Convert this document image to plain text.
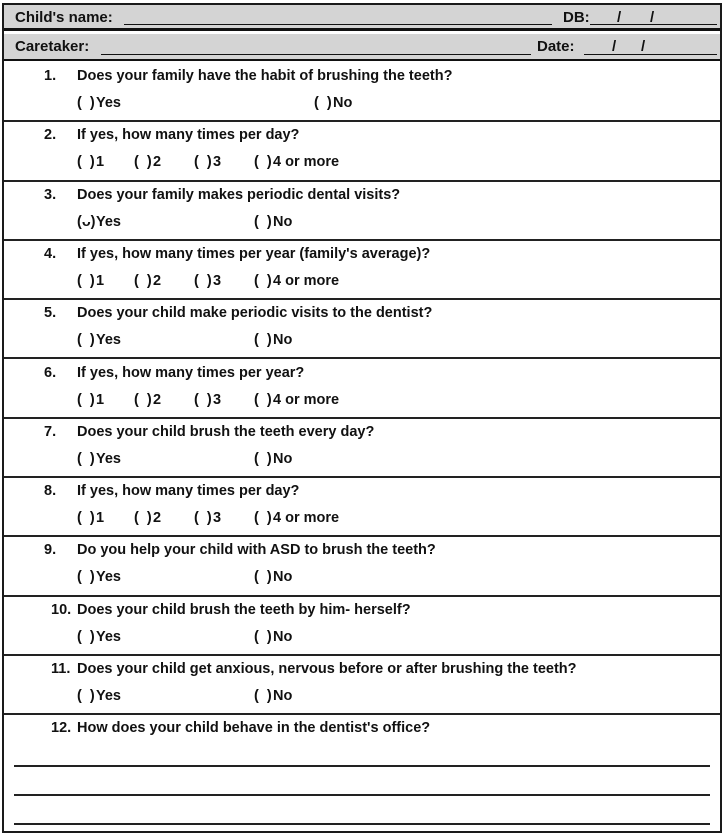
Child's name:	DB: / /
Caretaker:	Date: / /
1. Does your family have the habit of brushing the teeth?
(  )Yes	(  )No
2. If yes, how many times per day?
(  )1 (  )2 (  )3 (  )4 or more
3. Does your family makes periodic dental visits?
(ᴗ)Yes	(  )No
4. If yes, how many times per year (family's average)?
(  )1 (  )2 (  )3 (  )4 or more
5. Does your child make periodic visits to the dentist?
(  )Yes	(  )No
6. If yes, how many times per year?
(  )1 (  )2 (  )3 (  )4 or more
7. Does your child brush the teeth every day?
(  )Yes	(  )No
8. If yes, how many times per day?
(  )1 (  )2 (  )3 (  )4 or more
9. Do you help your child with ASD to brush the teeth?
(  )Yes	(  )No
10. Does your child brush the teeth by him- herself?
(  )Yes	(  )No
11. Does your child get anxious, nervous before or after brushing the teeth?
(  )Yes	(  )No
12. How does your child behave in the dentist's office?
